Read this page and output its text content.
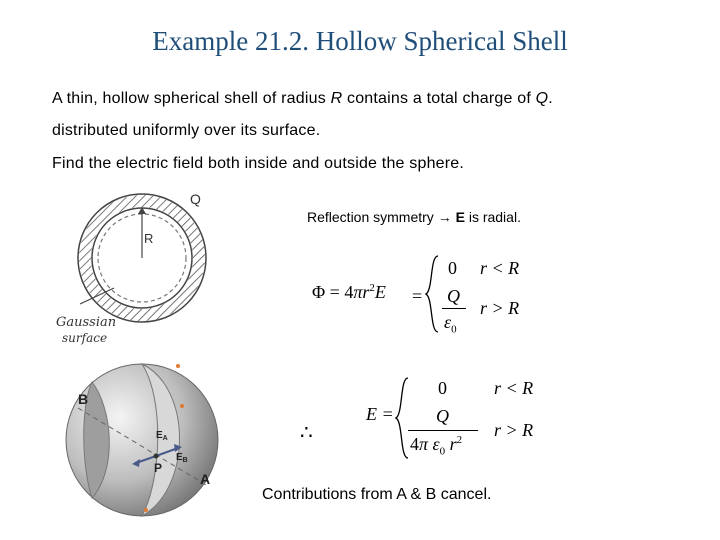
Example 21.2. Hollow Spherical Shell
A thin, hollow spherical shell of radius R contains a total charge of Q.
distributed uniformly over its surface.
Find the electric field both inside and outside the sphere.
Q
R
Gaussian
surface
B
A
P
$E_A$
$E_B$
Reflection symmetry → E is radial.
$\Phi = 4\pi r^2E$ =
0 r < R
Q
$\varepsilon_0$
r > R
∴
E =
0	r < R
Q
4π $\varepsilon_0$ $r^2$ r > R
Contributions from A & B cancel.
